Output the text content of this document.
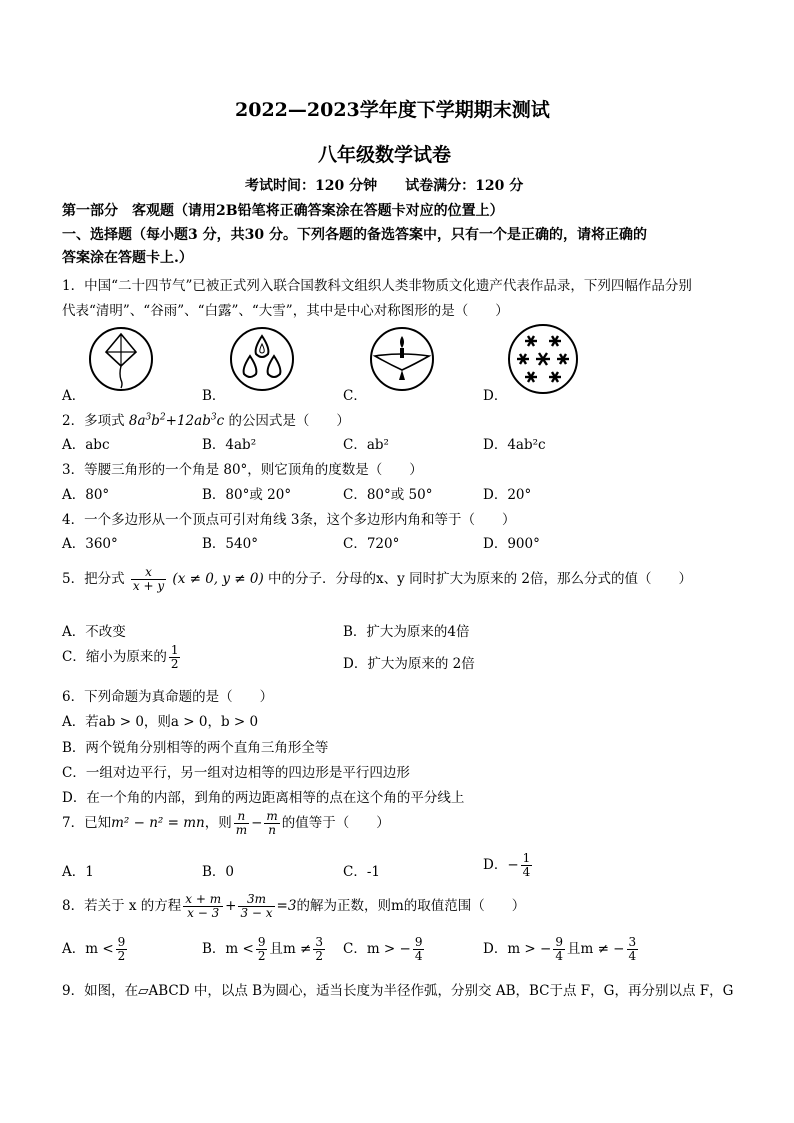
2022—2023学年度下学期期末测试
八年级数学试卷
考试时间：120 分钟　　试卷满分：120 分
第一部分　客观题（请用2B铅笔将正确答案涂在答题卡对应的位置上）
一、选择题（每小题3 分，共30 分。下列各题的备选答案中，只有一个是正确的，请将正确的
答案涂在答题卡上.）
1．中国“二十四节气”已被正式列入联合国教科文组织人类非物质文化遗产代表作品录，下列四幅作品分别
代表“清明”、“谷雨”、“白露”、“大雪”，其中是中心对称图形的是（　　）
A．	B．	C．	D．
2．多项式 $8a^3b^2+12ab^3c$ 的公因式是（　　）
A．abc	B．4ab²	C．ab²	D．4ab²c
3．等腰三角形的一个角是 80°，则它顶角的度数是（　　）
A．80°	B．80°或 20°	C．80°或 50°	D．20°
4．一个多边形从一个顶点可引对角线 3条，这个多边形内角和等于（　　）
A．360°	B．540°	C．720°	D．900°
5．把分式 $\frac{x}{x + y} (x \ne 0$, y ≠ 0) 中的分子．分母的x、y 同时扩大为原来的 2倍，那么分式的值（　　）
A．不改变	B．扩大为原来的4倍
C．缩小为原来的 $\frac{1}{2}$	D．扩大为原来的 2倍
6．下列命题为真命题的是（　　）
A．若ab > 0，则a > 0，b > 0
B．两个锐角分别相等的两个直角三角形全等
C．一组对边平行，另一组对边相等的四边形是平行四边形
D．在一个角的内部，到角的两边距离相等的点在这个角的平分线上
7．已知m² − n² = mn，则 $\frac{n}{m} - \frac{m}{n}$ 的值等于（　　）
A．1	B．0	C．-1	D．− $\frac{1}{4}$
8．若关于 x 的方程 $\frac{x + m}{x - 3} + \frac{3m}{3 - x} =3$的解为正数，则m的取值范围（　　）
A．$m < \frac{9}{2}$	B．$m < \frac{9}{2}$ 且$m \ne \frac{3}{2}$ C．m > − $\frac{9}{4}$	D．m > − $\frac{9}{4}$ 且m ≠ − $\frac{3}{4}$
9．如图，在▱ABCD 中，以点 B为圆心，适当长度为半径作弧，分别交 AB，BC于点 F，G，再分别以点 F，G
